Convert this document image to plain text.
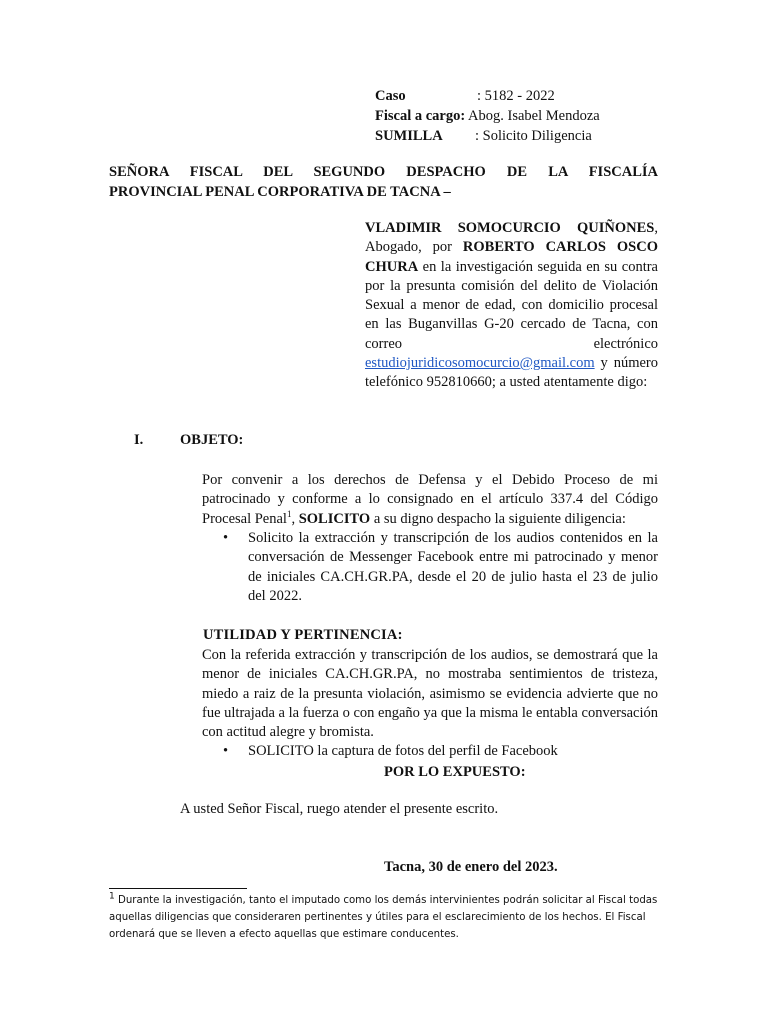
Caso	: 5182 - 2022
Fiscal a cargo: Abog. Isabel Mendoza
SUMILLA : Solicito Diligencia
SEÑORA FISCAL DEL SEGUNDO DESPACHO DE LA FISCALÍA
PROVINCIAL PENAL CORPORATIVA DE TACNA –
VLADIMIR SOMOCURCIO QUIÑONES, Abogado, por ROBERTO CARLOS OSCO CHURA en la investigación seguida en su contra por la presunta comisión del delito de Violación Sexual a menor de edad, con domicilio procesal en las Buganvillas G-20 cercado de Tacna, con correo electrónico estudiojuridicosomocurcio@gmail.com y número telefónico 952810660; a usted atentamente digo:
I.	OBJETO:
Por convenir a los derechos de Defensa y el Debido Proceso de mi patrocinado y conforme a lo consignado en el artículo 337.4 del Código Procesal Penal$^1$, SOLICITO a su digno despacho la siguiente diligencia:
• Solicito la extracción y transcripción de los audios contenidos en la conversación de Messenger Facebook entre mi patrocinado y menor de iniciales CA.CH.GR.PA, desde el 20 de julio hasta el 23 de julio del 2022.
UTILIDAD Y PERTINENCIA:
Con la referida extracción y transcripción de los audios, se demostrará que la menor de iniciales CA.CH.GR.PA, no mostraba sentimientos de tristeza, miedo a raiz de la presunta violación, asimismo se evidencia advierte que no fue ultrajada a la fuerza o con engaño ya que la misma le entabla conversación con actitud alegre y bromista.
• SOLICITO la captura de fotos del perfil de Facebook
POR LO EXPUESTO:
A usted Señor Fiscal, ruego atender el presente escrito.
Tacna, 30 de enero del 2023.
$^1$ Durante la investigación, tanto el imputado como los demás intervinientes podrán solicitar al Fiscal todas aquellas diligencias que consideraren pertinentes y útiles para el esclarecimiento de los hechos. El Fiscal ordenará que se lleven a efecto aquellas que estimare conducentes.
